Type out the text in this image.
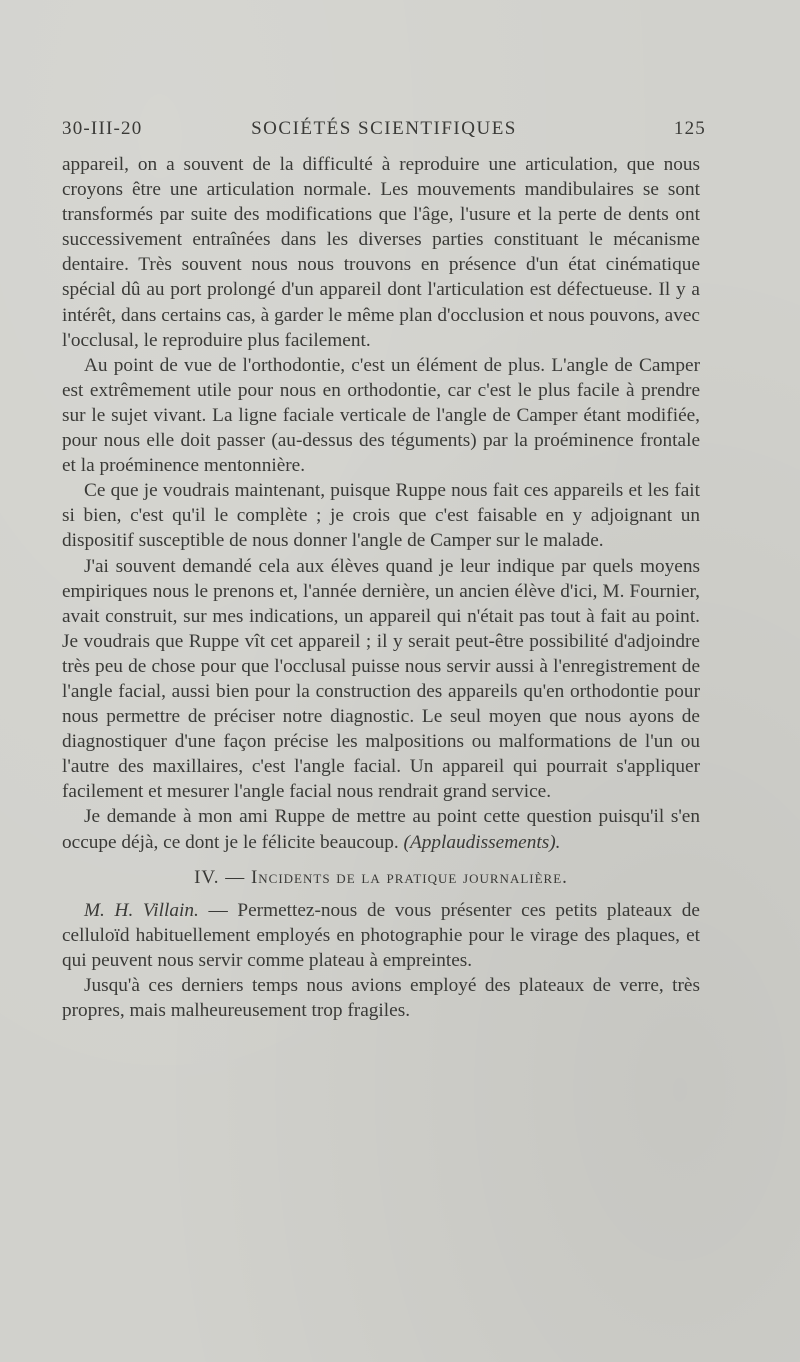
30-III-20	SOCIÉTÉS SCIENTIFIQUES	125

appareil, on a souvent de la difficulté à reproduire une articulation, que nous croyons être une articulation normale. Les mouvements mandibulaires se sont transformés par suite des modifications que l'âge, l'usure et la perte de dents ont successivement entraînées dans les diverses parties constituant le mécanisme dentaire. Très souvent nous nous trouvons en présence d'un état cinématique spécial dû au port prolongé d'un appareil dont l'articulation est défectueuse. Il y a intérêt, dans certains cas, à garder le même plan d'occlusion et nous pouvons, avec l'occlusal, le reproduire plus facilement.

Au point de vue de l'orthodontie, c'est un élément de plus. L'angle de Camper est extrêmement utile pour nous en orthodontie, car c'est le plus facile à prendre sur le sujet vivant. La ligne faciale verticale de l'angle de Camper étant modifiée, pour nous elle doit passer (au-dessus des téguments) par la proéminence frontale et la proéminence mentonnière.

Ce que je voudrais maintenant, puisque Ruppe nous fait ces appareils et les fait si bien, c'est qu'il le complète ; je crois que c'est faisable en y adjoignant un dispositif susceptible de nous donner l'angle de Camper sur le malade.

J'ai souvent demandé cela aux élèves quand je leur indique par quels moyens empiriques nous le prenons et, l'année dernière, un ancien élève d'ici, M. Fournier, avait construit, sur mes indications, un appareil qui n'était pas tout à fait au point. Je voudrais que Ruppe vît cet appareil ; il y serait peut-être possibilité d'adjoindre très peu de chose pour que l'occlusal puisse nous servir aussi à l'enregistrement de l'angle facial, aussi bien pour la construction des appareils qu'en orthodontie pour nous permettre de préciser notre diagnostic. Le seul moyen que nous ayons de diagnostiquer d'une façon précise les malpositions ou malformations de l'un ou l'autre des maxillaires, c'est l'angle facial. Un appareil qui pourrait s'appliquer facilement et mesurer l'angle facial nous rendrait grand service.

Je demande à mon ami Ruppe de mettre au point cette question puisqu'il s'en occupe déjà, ce dont je le félicite beaucoup. (Applaudissements).

IV. — Incidents de la pratique journalière.

M. H. Villain. — Permettez-nous de vous présenter ces petits plateaux de celluloïd habituellement employés en photographie pour le virage des plaques, et qui peuvent nous servir comme plateau à empreintes.

Jusqu'à ces derniers temps nous avions employé des plateaux de verre, très propres, mais malheureusement trop fragiles.
